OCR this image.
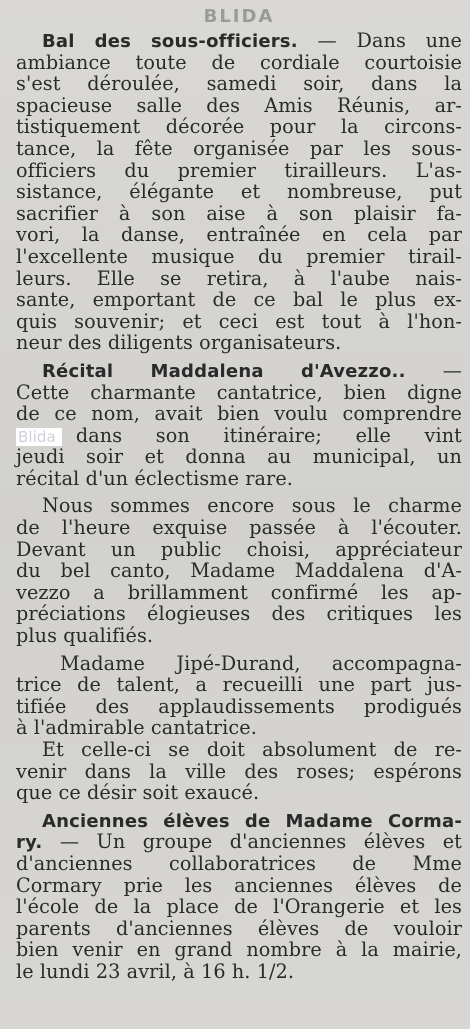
BLIDA
Bal des sous-officiers. — Dans une
ambiance toute de cordiale courtoisie
s'est déroulée, samedi soir, dans la
spacieuse salle des Amis Réunis, ar-
tistiquement décorée pour la circons-
tance, la fête organisée par les sous-
officiers du premier tirailleurs. L'as-
sistance, élégante et nombreuse, put
sacrifier à son aise à son plaisir fa-
vori, la danse, entraînée en cela par
l'excellente musique du premier tirail-
leurs. Elle se retira, à l'aube nais-
sante, emportant de ce bal le plus ex-
quis souvenir; et ceci est tout à l'hon-
neur des diligents organisateurs.
Récital Maddalena d'Avezzo.. —
Cette charmante cantatrice, bien digne
de ce nom, avait bien voulu comprendre
Blida dans son itinéraire; elle vint
jeudi soir et donna au municipal, un
récital d'un éclectisme rare.
Nous sommes encore sous le charme
de l'heure exquise passée à l'écouter.
Devant un public choisi, appréciateur
du bel canto, Madame Maddalena d'A-
vezzo a brillamment confirmé les ap-
préciations élogieuses des critiques les
plus qualifiés.
Madame Jipé-Durand, accompagna-
trice de talent, a recueilli une part jus-
tifiée des applaudissements prodigués
à l'admirable cantatrice.
Et celle-ci se doit absolument de re-
venir dans la ville des roses; espérons
que ce désir soit exaucé.
Anciennes élèves de Madame Corma-
ry. — Un groupe d'anciennes élèves et
d'anciennes collaboratrices de Mme
Cormary prie les anciennes élèves de
l'école de la place de l'Orangerie et les
parents d'anciennes élèves de vouloir
bien venir en grand nombre à la mairie,
le lundi 23 avril, à 16 h. 1/2.
